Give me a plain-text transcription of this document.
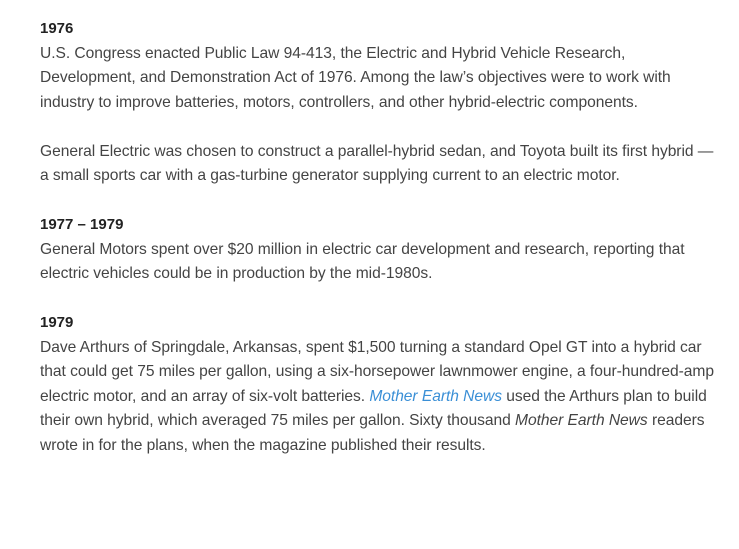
1976

U.S. Congress enacted Public Law 94-413, the Electric and Hybrid Vehicle Research, Development, and Demonstration Act of 1976. Among the law’s objectives were to work with industry to improve batteries, motors, controllers, and other hybrid-electric components.

General Electric was chosen to construct a parallel-hybrid sedan, and Toyota built its first hybrid — a small sports car with a gas-turbine generator supplying current to an electric motor.

1977 – 1979

General Motors spent over $20 million in electric car development and research, reporting that electric vehicles could be in production by the mid-1980s.

1979

Dave Arthurs of Springdale, Arkansas, spent $1,500 turning a standard Opel GT into a hybrid car that could get 75 miles per gallon, using a six-horsepower lawnmower engine, a four-hundred-amp electric motor, and an array of six-volt batteries. Mother Earth News used the Arthurs plan to build their own hybrid, which averaged 75 miles per gallon. Sixty thousand Mother Earth News readers wrote in for the plans, when the magazine published their results.
